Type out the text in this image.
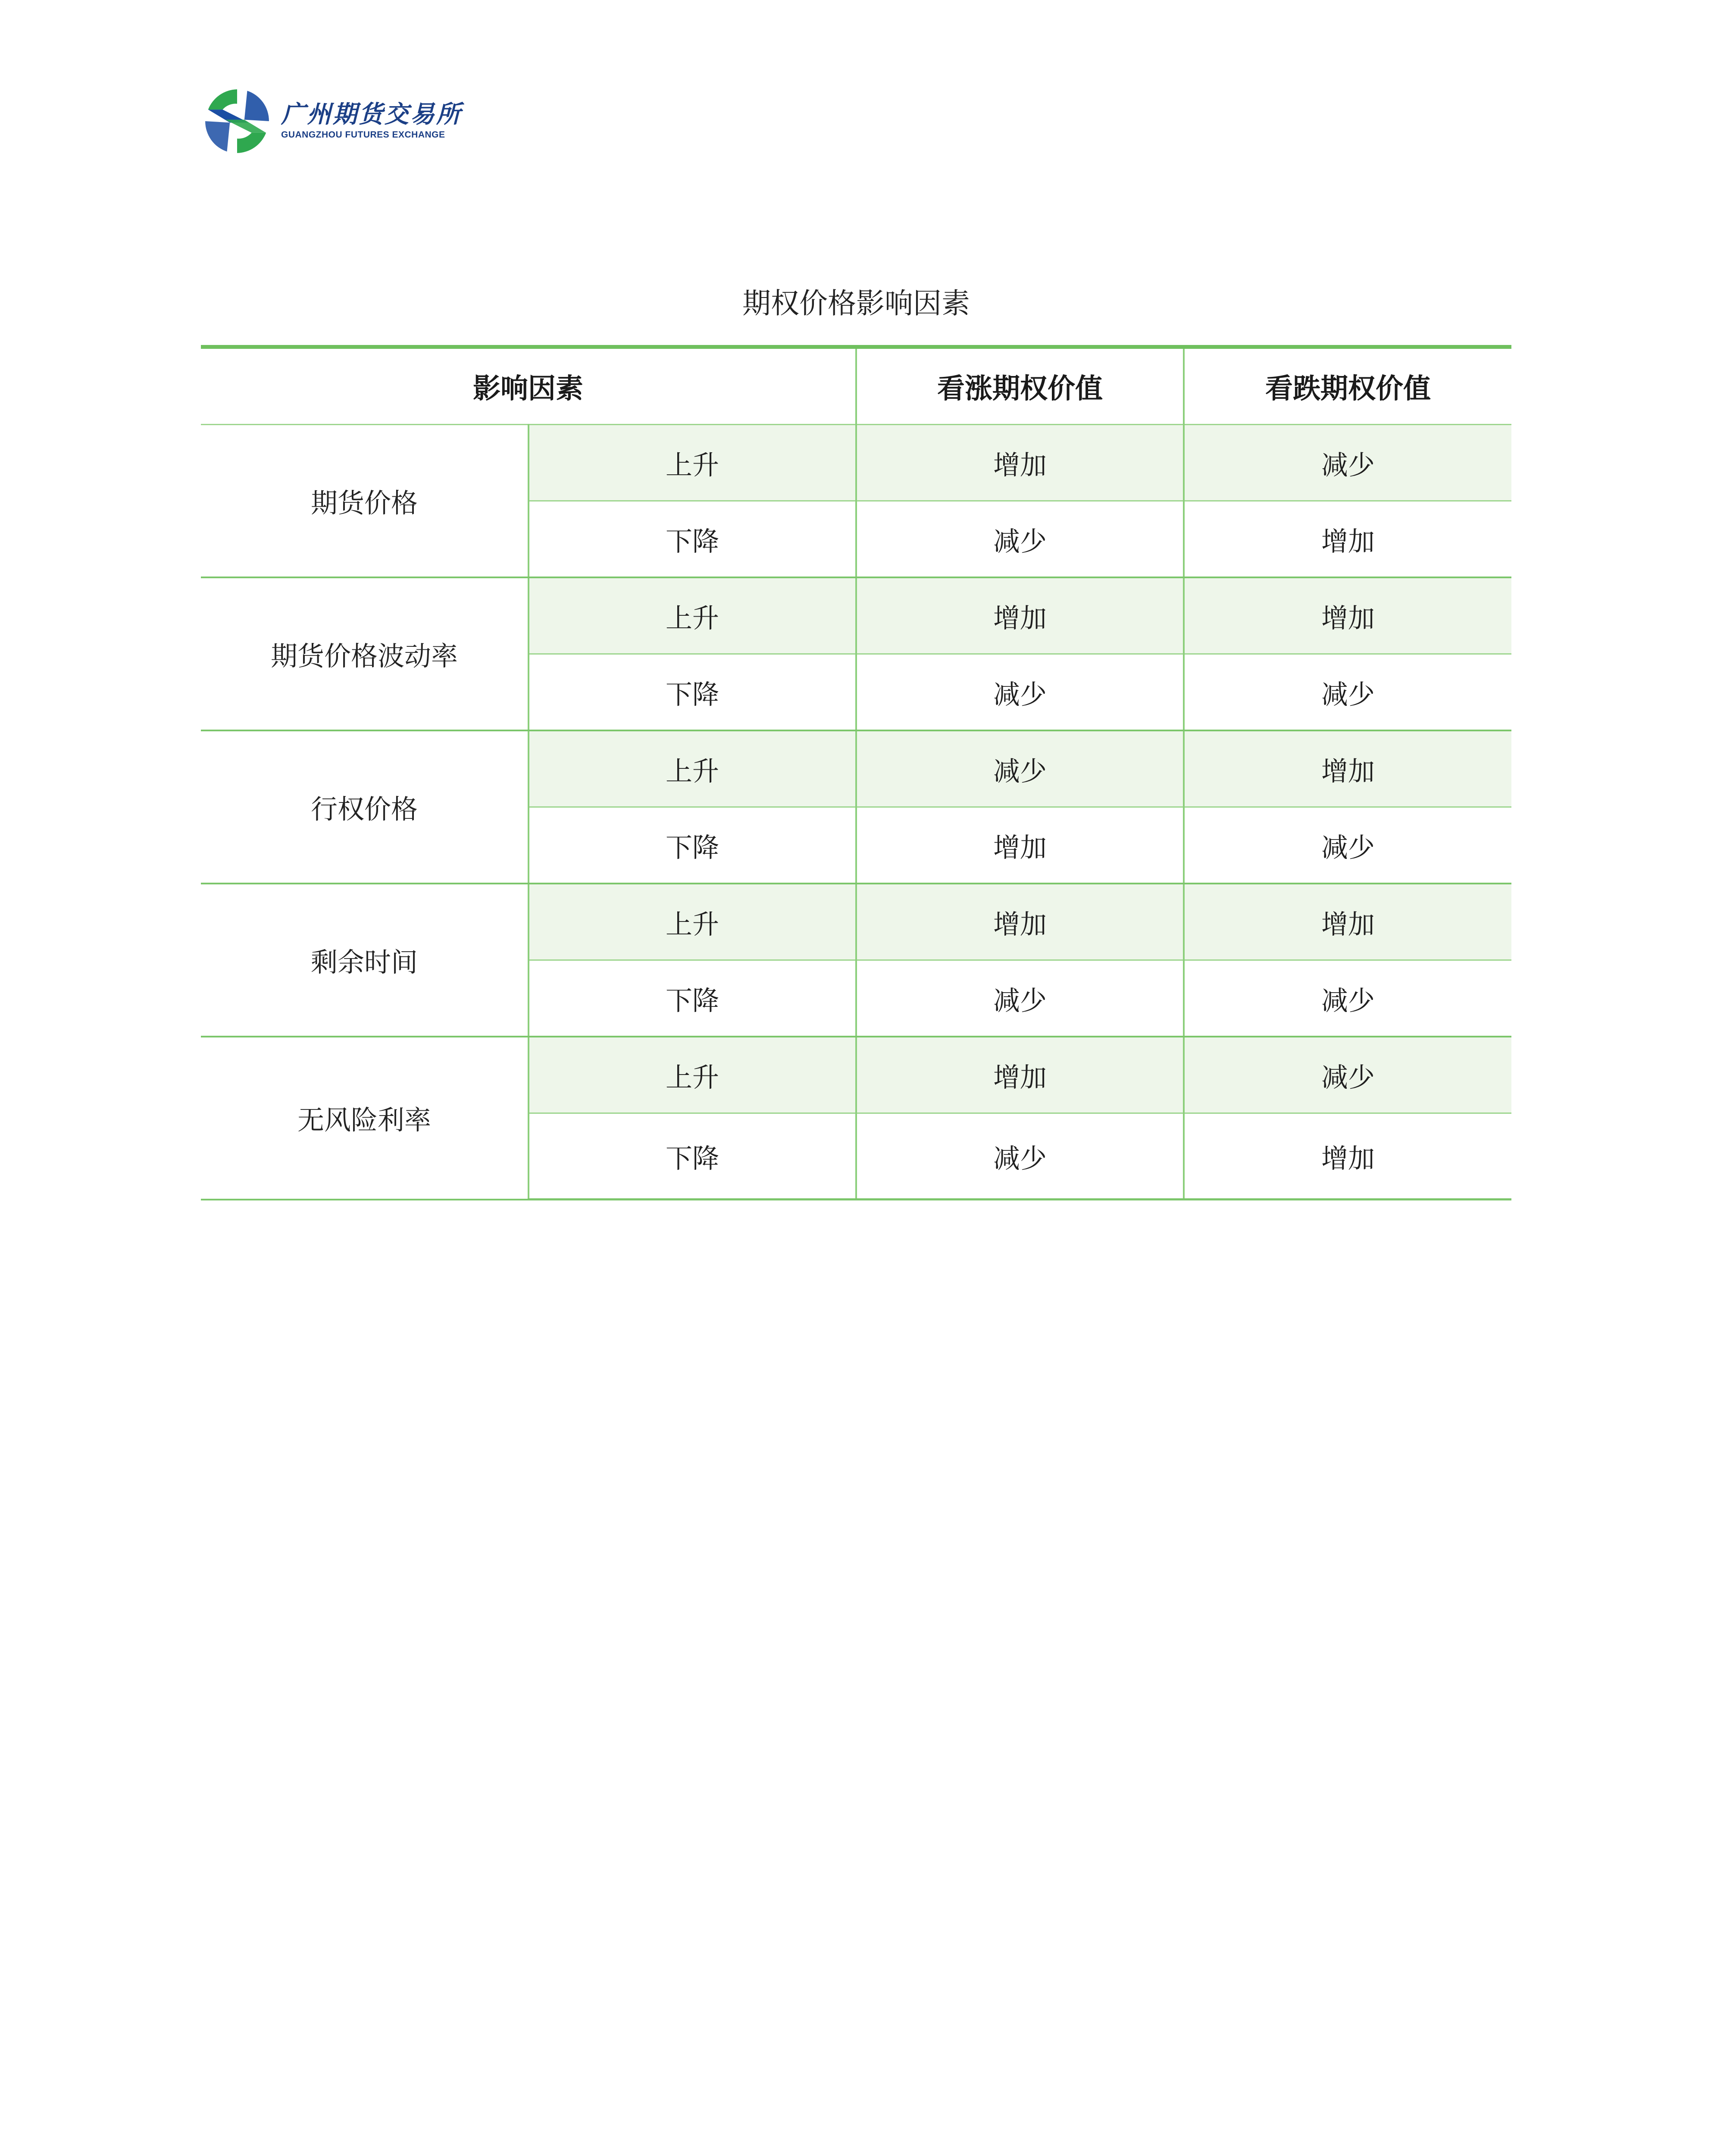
广州期货交易所
GUANGZHOU FUTURES EXCHANGE
期权价格影响因素
影响因素		看涨期权价值	看跌期权价值
期货价格	上升	增加	减少
	下降	减少	增加
期货价格波动率	上升	增加	增加
	下降	减少	减少
行权价格	上升	减少	增加
	下降	增加	减少
剩余时间	上升	增加	增加
	下降	减少	减少
无风险利率	上升	增加	减少
	下降	减少	增加
